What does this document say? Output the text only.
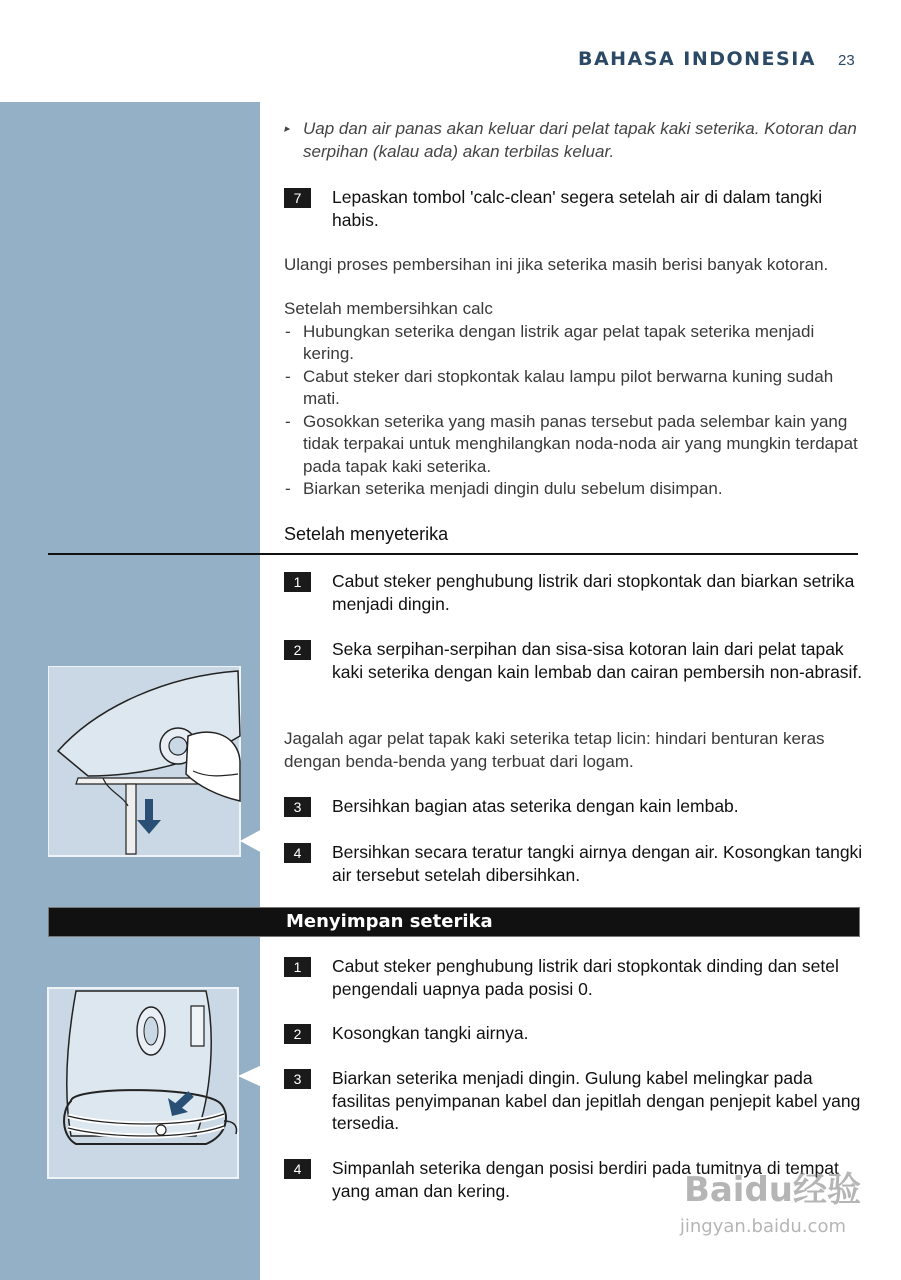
BAHASA INDONESIA 23
▸ Uap dan air panas akan keluar dari pelat tapak kaki seterika. Kotoran dan serpihan (kalau ada) akan terbilas keluar.
7	Lepaskan tombol 'calc-clean' segera setelah air di dalam tangki habis.
Ulangi proses pembersihan ini jika seterika masih berisi banyak kotoran.
Setelah membersihkan calc
- Hubungkan seterika dengan listrik agar pelat tapak seterika menjadi kering.
- Cabut steker dari stopkontak kalau lampu pilot berwarna kuning sudah mati.
- Gosokkan seterika yang masih panas tersebut pada selembar kain yang tidak terpakai untuk menghilangkan noda-noda air yang mungkin terdapat pada tapak kaki seterika.
- Biarkan seterika menjadi dingin dulu sebelum disimpan.
Setelah menyeterika
1	Cabut steker penghubung listrik dari stopkontak dan biarkan setrika menjadi dingin.
2	Seka serpihan-serpihan dan sisa-sisa kotoran lain dari pelat tapak kaki seterika dengan kain lembab dan cairan pembersih non-abrasif.
Jagalah agar pelat tapak kaki seterika tetap licin: hindari benturan keras dengan benda-benda yang terbuat dari logam.
3	Bersihkan bagian atas seterika dengan kain lembab.
4	Bersihkan secara teratur tangki airnya dengan air. Kosongkan tangki air tersebut setelah dibersihkan.
Menyimpan seterika
1	Cabut steker penghubung listrik dari stopkontak dinding dan setel pengendali uapnya pada posisi 0.
2	Kosongkan tangki airnya.
3	Biarkan seterika menjadi dingin. Gulung kabel melingkar pada fasilitas penyimpanan kabel dan jepitlah dengan penjepit kabel yang tersedia.
4	Simpanlah seterika dengan posisi berdiri pada tumitnya di tempat yang aman dan kering.	Baidu经验
jingyan.baidu.com
